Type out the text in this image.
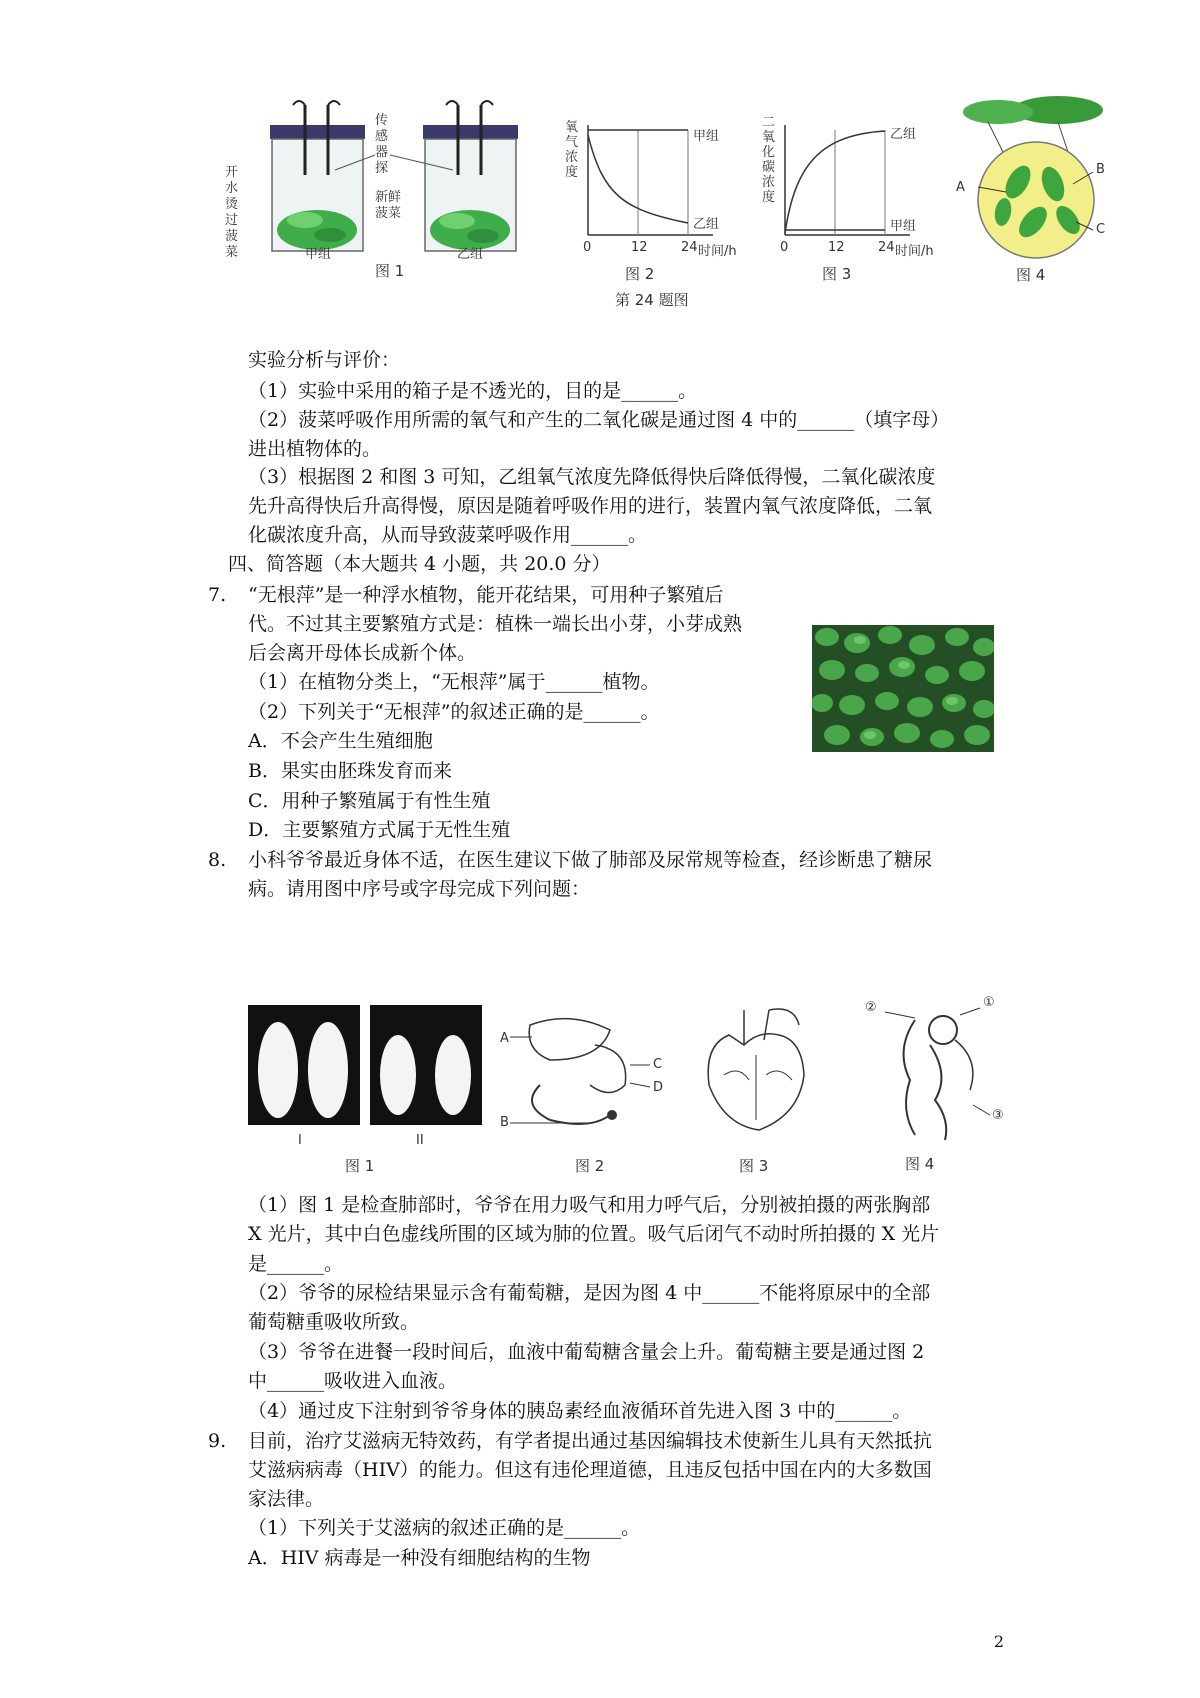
开水烫过菠菜
传感器探
新鲜菠菜
甲组	乙组
图 1
氧气浓度
甲组
乙组
0	12	24 时间/h
图 2
二氧化碳浓度
乙组
甲组
0	12	24 时间/h
图 3
A
B
C
图 4
第 24 题图
实验分析与评价：
（1）实验中采用的箱子是不透光的，目的是______。
（2）菠菜呼吸作用所需的氧气和产生的二氧化碳是通过图 4 中的______（填字母）
进出植物体的。
（3）根据图 2 和图 3 可知，乙组氧气浓度先降低得快后降低得慢，二氧化碳浓度
先升高得快后升高得慢，原因是随着呼吸作用的进行，装置内氧气浓度降低，二氧
化碳浓度升高，从而导致菠菜呼吸作用______。
四、简答题（本大题共 4 小题，共 20.0 分）
7. “无根萍”是一种浮水植物，能开花结果，可用种子繁殖后
代。不过其主要繁殖方式是：植株一端长出小芽，小芽成熟
后会离开母体长成新个体。
（1）在植物分类上，“无根萍”属于______植物。
（2）下列关于“无根萍”的叙述正确的是______。
A．不会产生生殖细胞
B．果实由胚珠发育而来
C．用种子繁殖属于有性生殖
D．主要繁殖方式属于无性生殖
8. 小科爷爷最近身体不适，在医生建议下做了肺部及尿常规等检查，经诊断患了糖尿
病。请用图中序号或字母完成下列问题：
I	II
图 1
A
B
C
D
图 2	图 3
②	①
③
图 4
（1）图 1 是检查肺部时，爷爷在用力吸气和用力呼气后，分别被拍摄的两张胸部
X 光片，其中白色虚线所围的区域为肺的位置。吸气后闭气不动时所拍摄的 X 光片
是______。
（2）爷爷的尿检结果显示含有葡萄糖，是因为图 4 中______不能将原尿中的全部
葡萄糖重吸收所致。
（3）爷爷在进餐一段时间后，血液中葡萄糖含量会上升。葡萄糖主要是通过图 2
中______吸收进入血液。
（4）通过皮下注射到爷爷身体的胰岛素经血液循环首先进入图 3 中的______。
9. 目前，治疗艾滋病无特效药，有学者提出通过基因编辑技术使新生儿具有天然抵抗
艾滋病病毒（HIV）的能力。但这有违伦理道德，且违反包括中国在内的大多数国
家法律。
（1）下列关于艾滋病的叙述正确的是______。
A．HIV 病毒是一种没有细胞结构的生物
2
